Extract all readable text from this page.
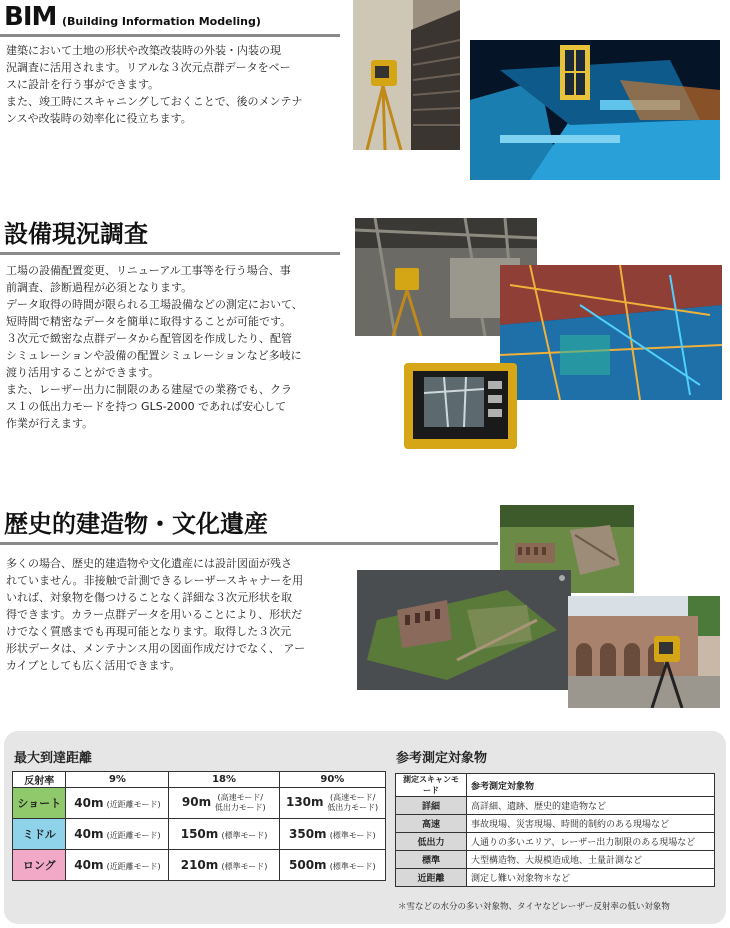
BIM (Building Information Modeling)

建築において土地の形状や改築改装時の外装・内装の現

況調査に活用されます。リアルな３次元点群データをベー

スに設計を行う事ができます。

また、竣工時にスキャニングしておくことで、後のメンテナ

ンスや改装時の効率化に役立ちます。

設備現況調査

工場の設備配置変更、リニューアル工事等を行う場合、事

前調査、診断過程が必須となります。

データ取得の時間が限られる工場設備などの測定において、

短時間で精密なデータを簡単に取得することが可能です。

３次元で緻密な点群データから配管図を作成したり、配管

シミュレーションや設備の配置シミュレーションなど多岐に

渡り活用することができます。

また、レーザー出力に制限のある建屋での業務でも、クラ

ス１の低出力モードを持つ GLS-2000 であれば安心して

作業が行えます。

歴史的建造物・文化遺産

多くの場合、歴史的建造物や文化遺産には設計図面が残さ

れていません。非接触で計測できるレーザースキャナーを用

いれば、対象物を傷つけることなく詳細な３次元形状を取

得できます。カラー点群データを用いることにより、形状だ

けでなく質感までも再現可能となります。取得した３次元

形状データは、メンテナンス用の図面作成だけでなく、 アー

カイブとしても広く活用できます。

最大到達距離
反射率	9%	18%	90%
ショート	40m (近距離モード)	90m (高速モード/ 低出力モード)	130m (高速モード/ 低出力モード)
ミドル	40m (近距離モード)	150m (標準モード)	350m (標準モード)
ロング	40m (近距離モード)	210m (標準モード)	500m (標準モード)
参考測定対象物
測定スキャンモード	参考測定対象物
詳細	高詳細、遺跡、歴史的建造物など
高速	事故現場、災害現場、時間的制約のある現場など
低出力	人通りの多いエリア、レーザー出力制限のある現場など
標準	大型構造物、大規模造成地、土量計測など
近距離	測定し難い対象物＊など
＊雪などの水分の多い対象物、タイヤなどレーザー反射率の低い対象物
